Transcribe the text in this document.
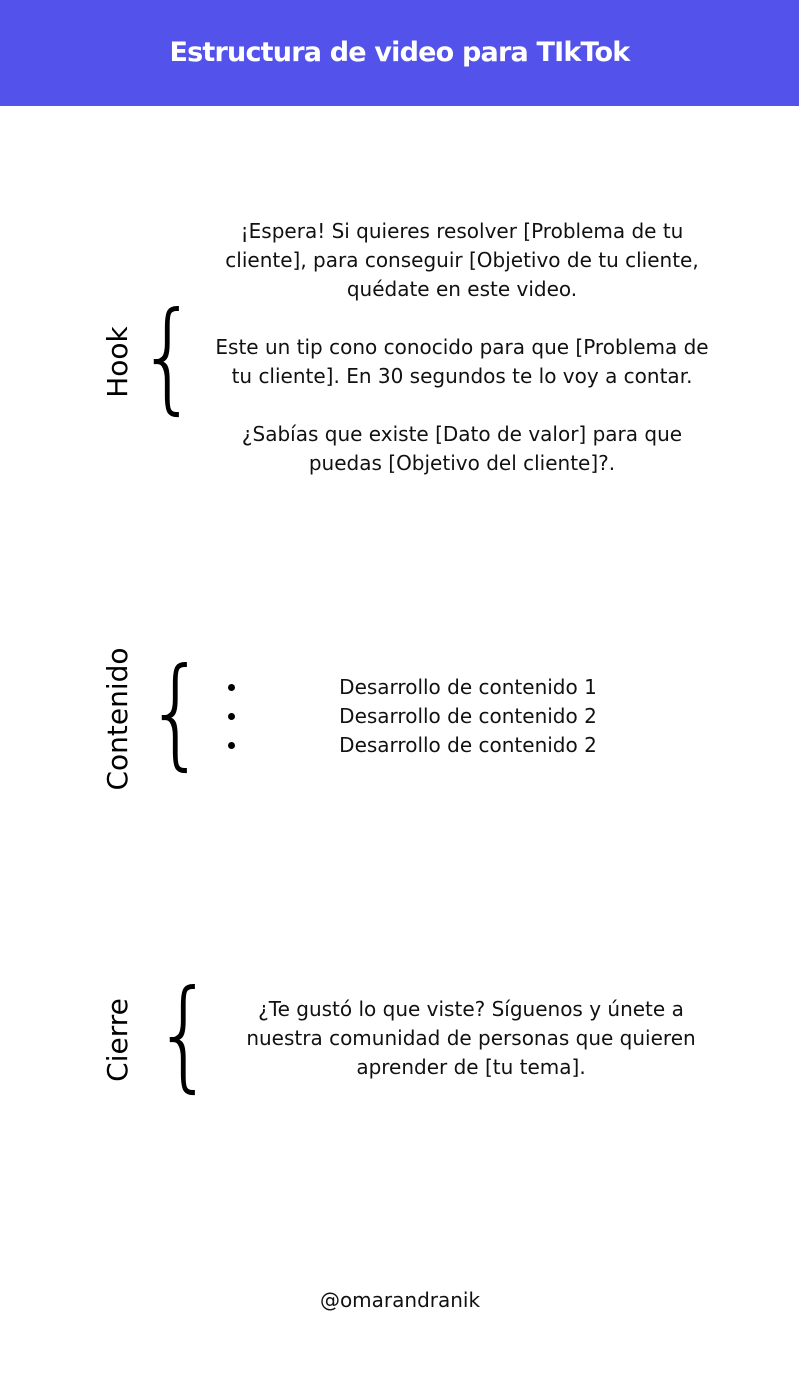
Estructura de video para TIkTok
Hook {

¡Espera! Si quieres resolver [Problema de tu cliente], para conseguir [Objetivo de tu cliente, quédate en este video.

Este un tip cono conocido para que [Problema de tu cliente]. En 30 segundos te lo voy a contar.

¿Sabías que existe [Dato de valor] para que puedas [Objetivo del cliente]?.

Contenido {	Desarrollo de contenido 1
Desarrollo de contenido 2
Desarrollo de contenido 2
Cierre {	¿Te gustó lo que viste? Síguenos y únete a nuestra comunidad de personas que quieren aprender de [tu tema].
@omarandranik
